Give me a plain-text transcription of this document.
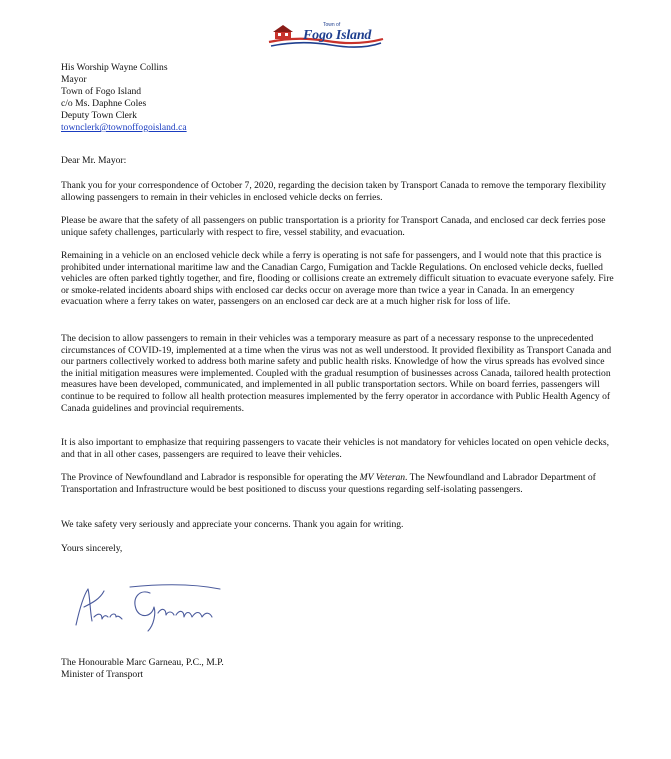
Town of
Fogo Island
His Worship Wayne Collins
Mayor
Town of Fogo Island
c/o Ms. Daphne Coles
Deputy Town Clerk
townclerk@townoffogoisland.ca

Dear Mr. Mayor:

Thank you for your correspondence of October 7, 2020, regarding the decision taken by Transport Canada to remove the temporary flexibility allowing passengers to remain in their vehicles in enclosed vehicle decks on ferries.

Please be aware that the safety of all passengers on public transportation is a priority for Transport Canada, and enclosed car deck ferries pose unique safety challenges, particularly with respect to fire, vessel stability, and evacuation.

Remaining in a vehicle on an enclosed vehicle deck while a ferry is operating is not safe for passengers, and I would note that this practice is prohibited under international maritime law and the Canadian Cargo, Fumigation and Tackle Regulations. On enclosed vehicle decks, fuelled vehicles are often parked tightly together, and fire, flooding or collisions create an extremely difficult situation to evacuate everyone safely. Fire or smoke-related incidents aboard ships with enclosed car decks occur on average more than twice a year in Canada. In an emergency evacuation where a ferry takes on water, passengers on an enclosed car deck are at a much higher risk for loss of life.

The decision to allow passengers to remain in their vehicles was a temporary measure as part of a necessary response to the unprecedented circumstances of COVID-19, implemented at a time when the virus was not as well understood. It provided flexibility as Transport Canada and our partners collectively worked to address both marine safety and public health risks. Knowledge of how the virus spreads has evolved since the initial mitigation measures were implemented. Coupled with the gradual resumption of businesses across Canada, tailored health protection measures have been developed, communicated, and implemented in all public transportation sectors. While on board ferries, passengers will continue to be required to follow all health protection measures implemented by the ferry operator in accordance with Public Health Agency of Canada guidelines and provincial requirements.

It is also important to emphasize that requiring passengers to vacate their vehicles is not mandatory for vehicles located on open vehicle decks, and that in all other cases, passengers are required to leave their vehicles.

The Province of Newfoundland and Labrador is responsible for operating the MV Veteran. The Newfoundland and Labrador Department of Transportation and Infrastructure would be best positioned to discuss your questions regarding self-isolating passengers.

We take safety very seriously and appreciate your concerns. Thank you again for writing.

Yours sincerely,

The Honourable Marc Garneau, P.C., M.P.
Minister of Transport
